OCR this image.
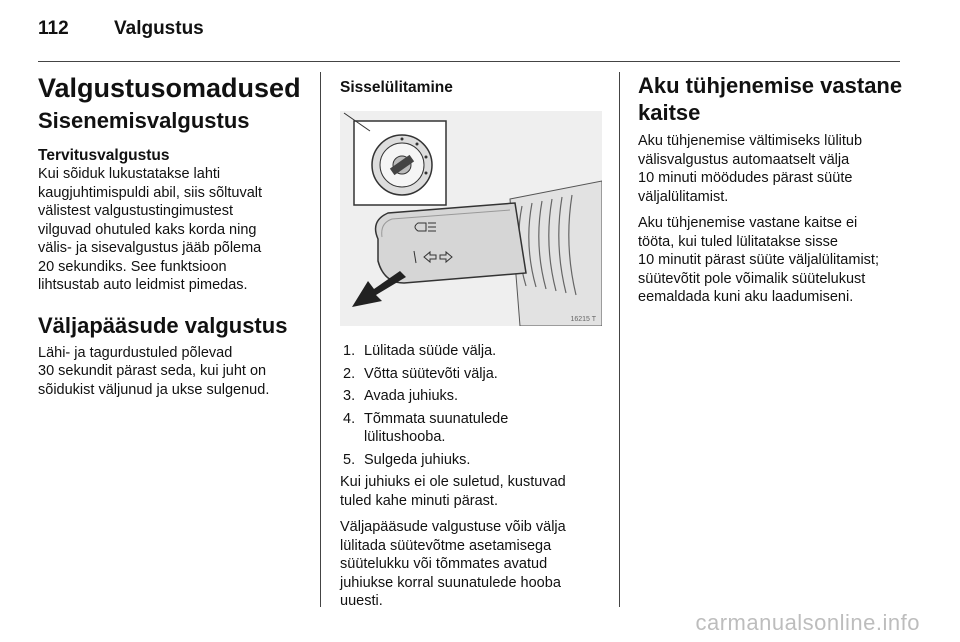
112 Valgustus
Valgustusomadused
Sisenemisvalgustus
Tervitusvalgustus
Kui sõiduk lukustatakse lahti
kaugjuhtimispuldi abil, siis sõltuvalt
välistest valgustustingimustest
vilguvad ohutuled kaks korda ning
välis- ja sisevalgustus jääb põlema
20 sekundiks. See funktsioon
lihtsustab auto leidmist pimedas.
Väljapääsude valgustus
Lähi- ja tagurdustuled põlevad
30 sekundit pärast seda, kui juht on
sõidukist väljunud ja ukse sulgenud.
Sisselülitamine
16215 T
1. Lülitada süüde välja.
2. Võtta süütevõti välja.
3. Avada juhiuks.
4. Tõmmata suunatulede
lülitushooba.
5. Sulgeda juhiuks.
Kui juhiuks ei ole suletud, kustuvad
tuled kahe minuti pärast.
Väljapääsude valgustuse võib välja
lülitada süütevõtme asetamisega
süütelukku või tõmmates avatud
juhiukse korral suunatulede hooba
uuesti.
Aku tühjenemise vastane
kaitse
Aku tühjenemise vältimiseks lülitub
välisvalgustus automaatselt välja
10 minuti möödudes pärast süüte
väljalülitamist.
Aku tühjenemise vastane kaitse ei
tööta, kui tuled lülitatakse sisse
10 minutit pärast süüte väljalülitamist;
süütevõtit pole võimalik süütelukust
eemaldada kuni aku laadumiseni.
carmanualsonline.info
